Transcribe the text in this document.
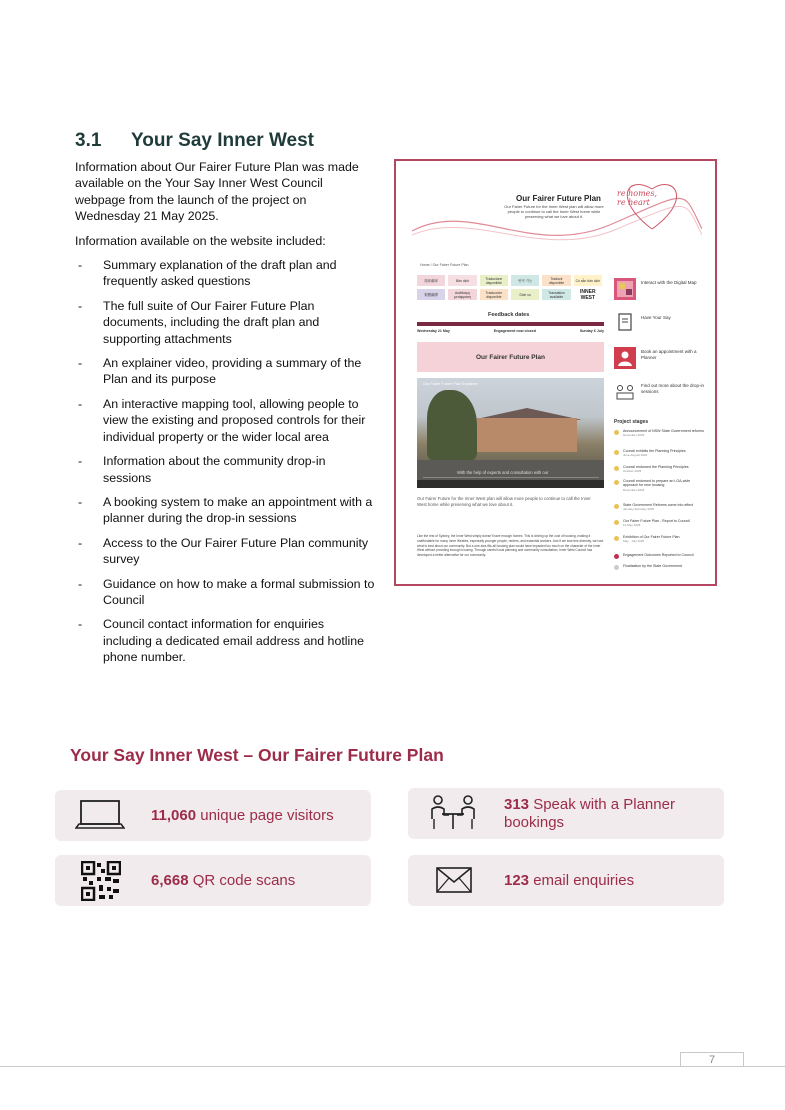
3.1 Your Say Inner West

Information about Our Fairer Future Plan was made available on the Your Say Inner West Council webpage from the launch of the project on Wednesday 21 May 2025.

Information available on the website included:

- Summary explanation of the draft plan and frequently asked questions
- The full suite of Our Fairer Future Plan documents, including the draft plan and supporting attachments
- An explainer video, providing a summary of the Plan and its purpose
- An interactive mapping tool, allowing people to view the existing and proposed controls for their individual property or the wider local area
- Information about the community drop-in sessions
- A booking system to make an appointment with a planner during the drop-in sessions
- Access to the Our Fairer Future Plan community survey
- Guidance on how to make a formal submission to Council
- Council contact information for enquiries including a dedicated email address and hotline phone number.
Our Fairer Future Plan
Our Fairer Future for the Inner West plan will allow more people to continue to call the Inner West home while preserving what we love about it.
re homes,
re heart
Home / Our Fairer Future Plan
简体翻译	Bản dịch	Traduzione disponibile	번역 가능
Traducir disponible	Có sẵn bản dịch
繁體翻譯
Διαθέσιμη μετάφραση
Traducción disponible	Dịch vụ	Translation available
INNER WEST
Feedback dates
Wednesday 21 May	Engagement now closed	Sunday 6 July
Our Fairer Future Plan
Our Fairer Future Plan Explainer
With the help of experts and consultation with our
Our Fairer Future for the Inner West plan will allow more people to continue to call the Inner West home while preserving what we love about it.
Like the rest of Sydney, the Inner West simply doesn't have enough homes. This is driving up the cost of housing, making it unaffordable for many Inner Westies, especially younger people, renters, and essential workers. And if we lose this diversity, we lose what is best about our community. But a one-size-fits-all housing plan would have impacted too much on the character of the Inner West without providing enough housing. Through careful local planning and community consultation, Inner West Council has developed a better alternative for our community.
Interact with the Digital Map
Have Your Say
Book an appointment with a Planner
Find out more about the drop-in sessions
Project stages
Announcement of NSW State Government reforms
December 2023
Council exhibits the Planning Principles
June-August 2024
Council endorsed the Planning Principles
October 2024
Council endorsed to prepare an LGA-wide approach for new housing
December 2024
State Government Reforms come into effect
January-February 2025
Our Fairer Future Plan - Report to Council
13 May 2025
Exhibition of Our Fairer Future Plan
May - July 2025
Engagement Outcomes Reported to Council
Finalisation by the State Government
Your Say Inner West – Our Fairer Future Plan
11,060 unique page visitors
313 Speak with a Planner bookings
6,668 QR code scans	123 email enquiries
7
